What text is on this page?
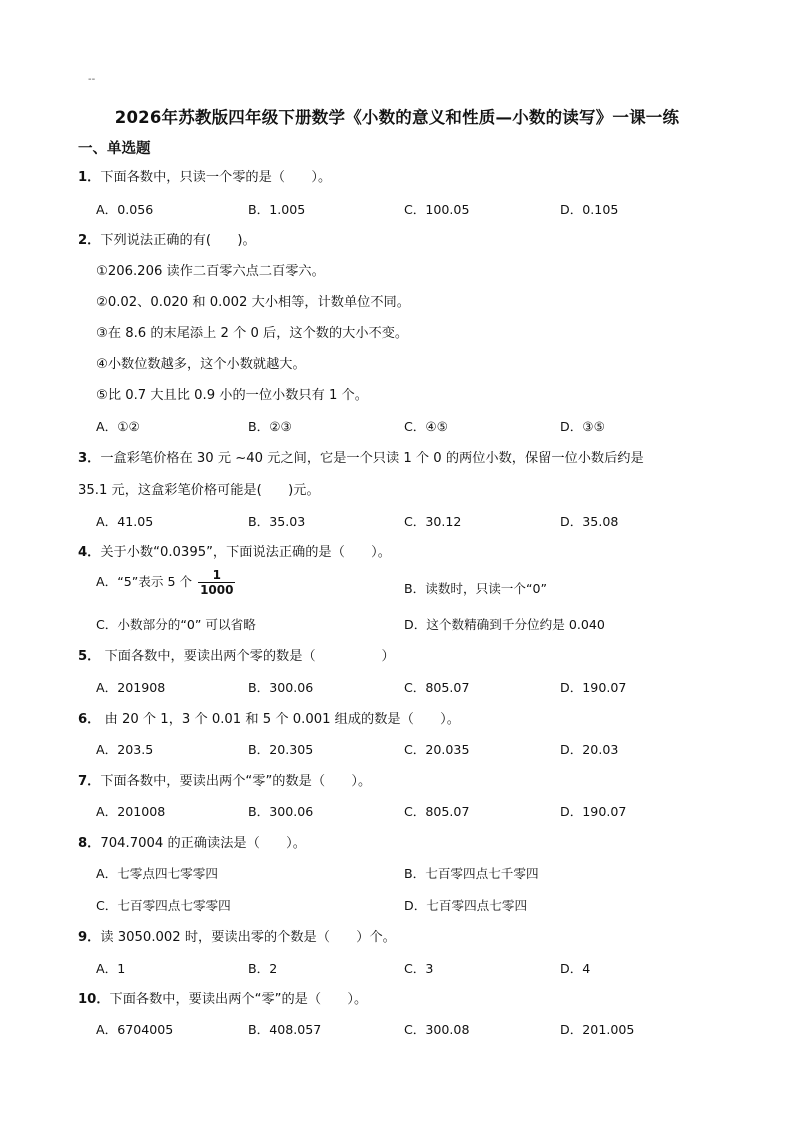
--
2026年苏教版四年级下册数学《小数的意义和性质—小数的读写》一课一练
一、单选题
1．下面各数中，只读一个零的是（　　）。
A．0.056	B．1.005	C．100.05	D．0.105
2．下列说法正确的有(　　)。
①206.206 读作二百零六点二百零六。
②0.02、0.020 和 0.002 大小相等，计数单位不同。
③在 8.6 的末尾添上 2 个 0 后，这个数的大小不变。
④小数位数越多，这个小数就越大。
⑤比 0.7 大且比 0.9 小的一位小数只有 1 个。
A．①②	B．②③	C．④⑤	D．③⑤
3．一盒彩笔价格在 30 元 ~40 元之间，它是一个只读 1 个 0 的两位小数，保留一位小数后约是
35.1 元，这盒彩笔价格可能是(　　)元。
A．41.05	B．35.03	C．30.12	D．35.08
4．关于小数“0.0395”，下面说法正确的是（　　）。
A．“5”表示 5 个 $\frac{1}{1000}$	B．读数时，只读一个“0”
C．小数部分的“0” 可以省略	D．这个数精确到千分位约是 0.040
5． 下面各数中，要读出两个零的数是（　　　　　）
A．201908	B．300.06	C．805.07	D．190.07
6． 由 20 个 1，3 个 0.01 和 5 个 0.001 组成的数是（　　）。
A．203.5	B．20.305	C．20.035	D．20.03
7．下面各数中，要读出两个“零”的数是（　　）。
A．201008	B．300.06	C．805.07	D．190.07
8．704.7004 的正确读法是（　　）。
A．七零点四七零零四	B．七百零四点七千零四
C．七百零四点七零零四	D．七百零四点七零四
9．读 3050.002 时，要读出零的个数是（　　）个。
A．1	B．2	C．3	D．4
10．下面各数中，要读出两个“零”的是（　　）。
A．6704005	B．408.057	C．300.08	D．201.005
